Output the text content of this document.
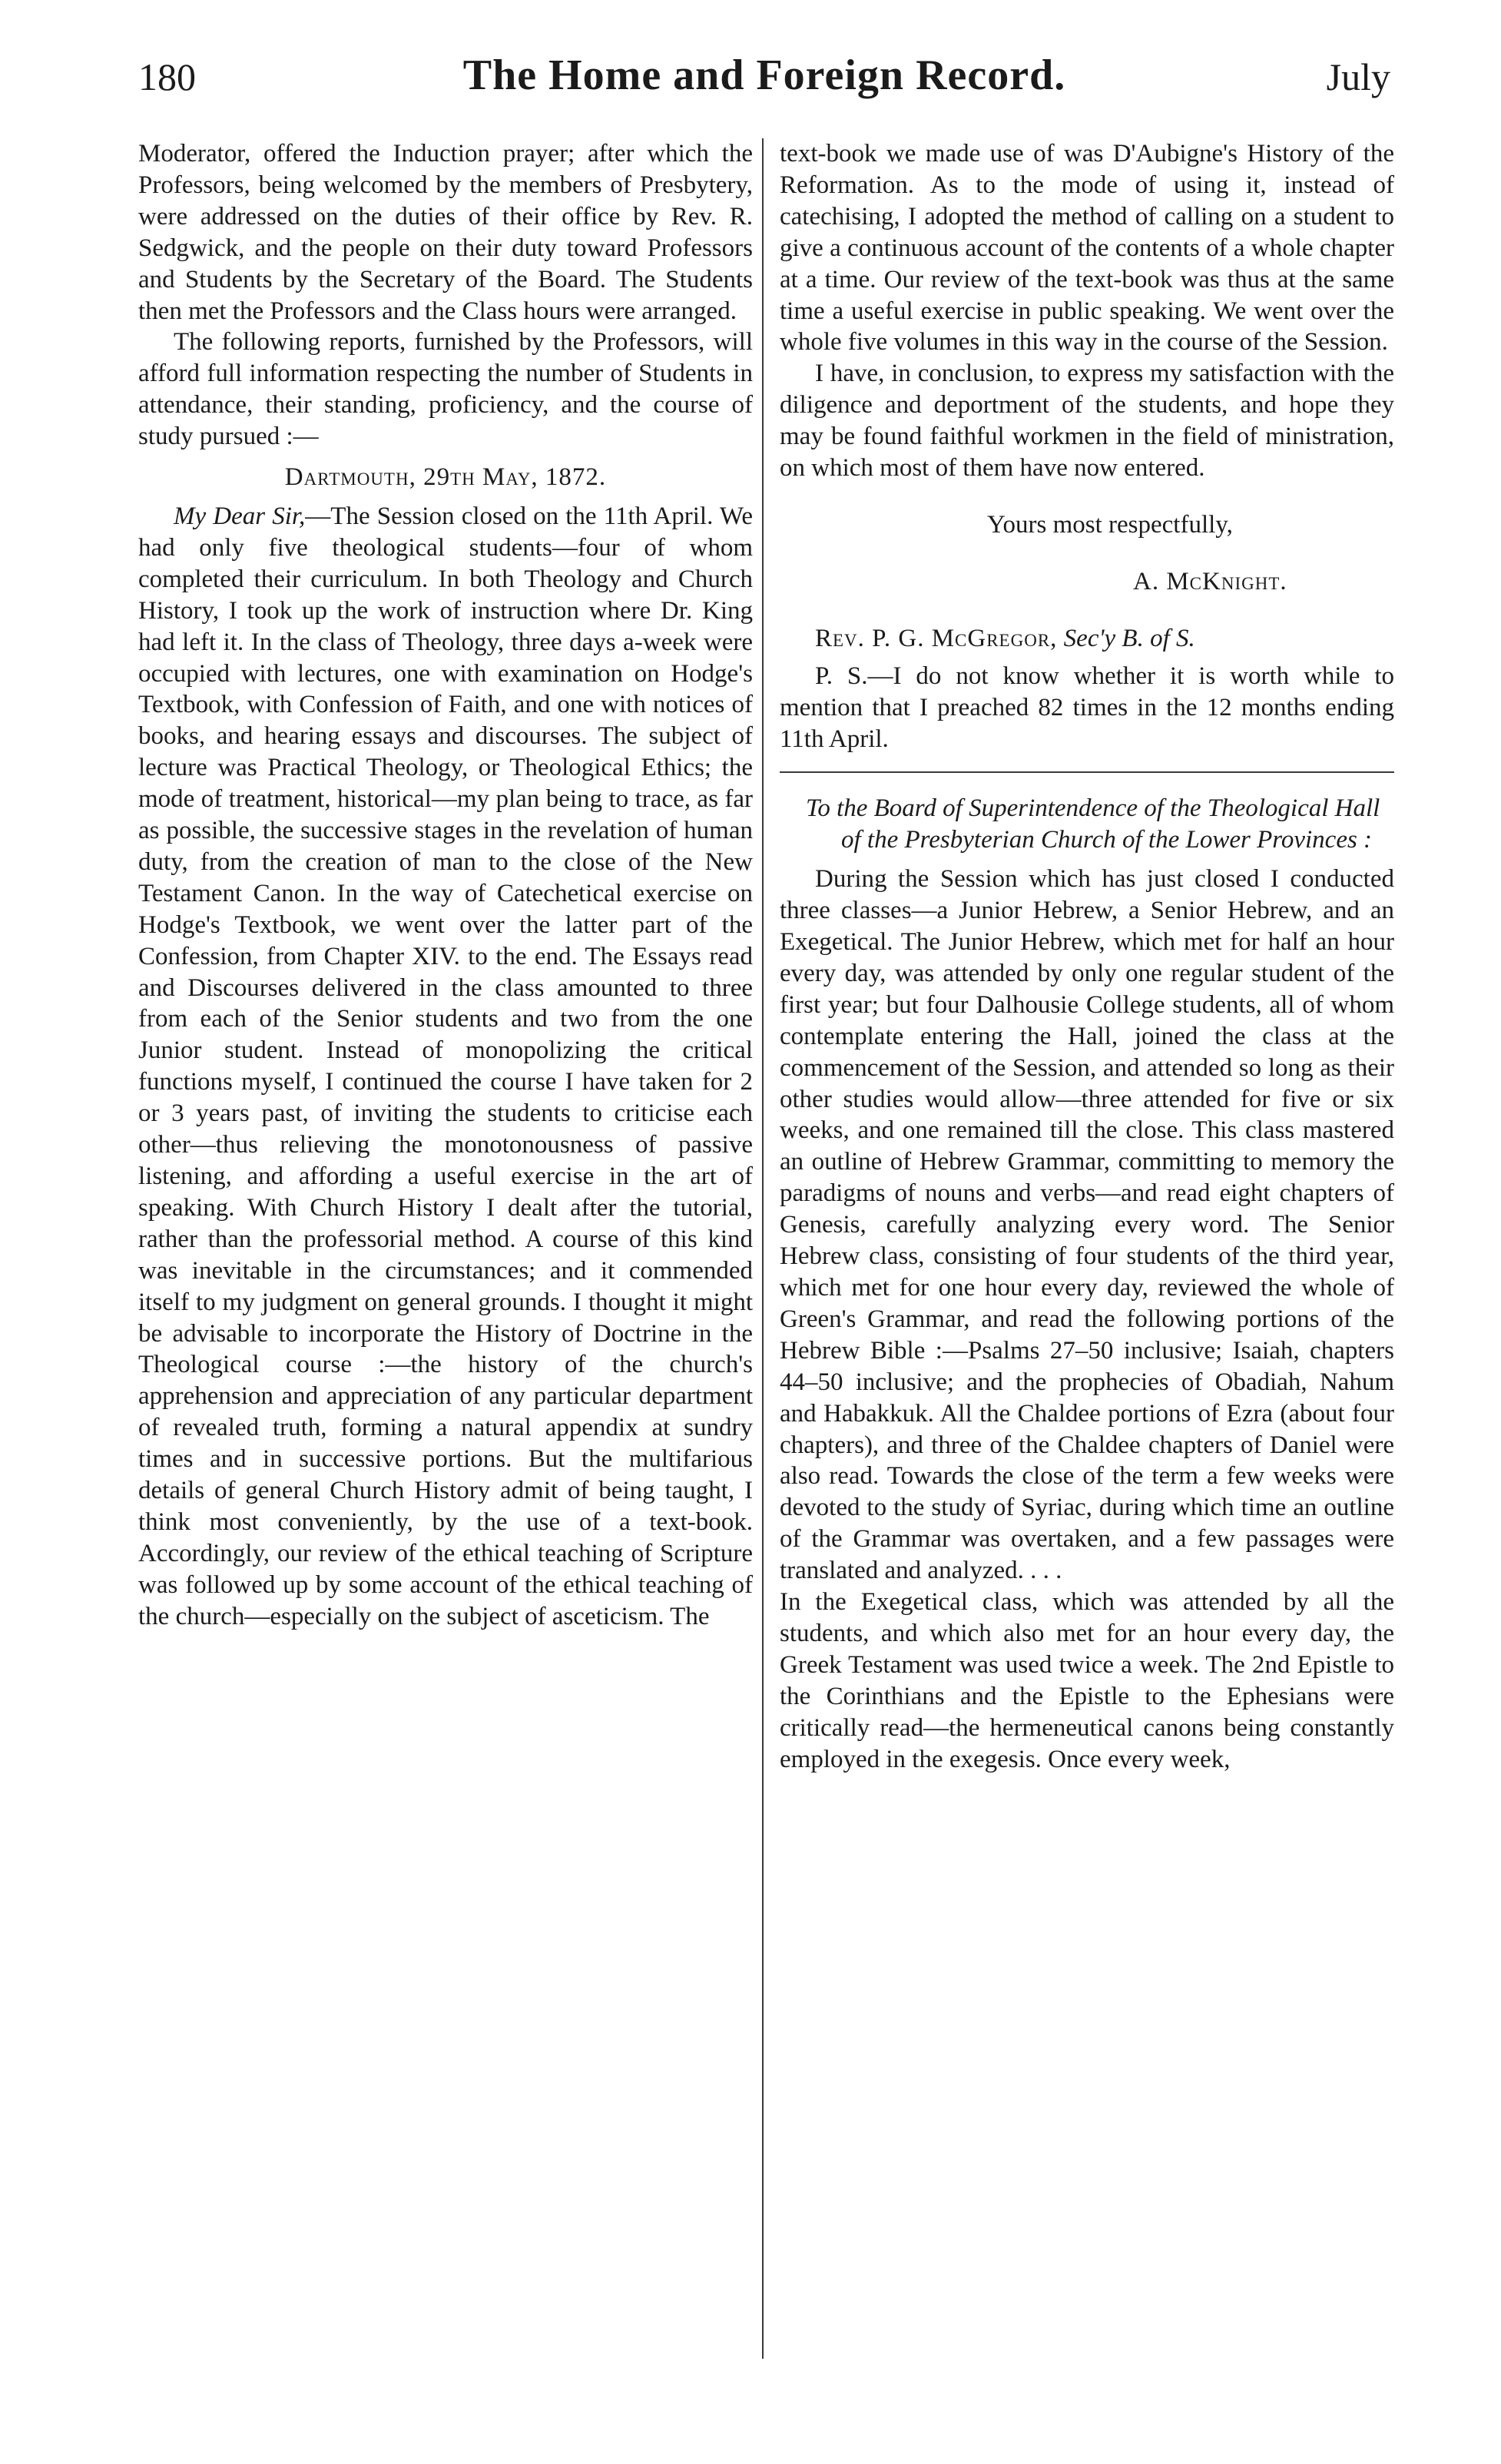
180	The Home and Foreign Record.	July

Moderator, offered the Induction prayer; after which the Professors, being welcomed by the members of Presbytery, were addressed on the duties of their office by Rev. R. Sedgwick, and the people on their duty toward Professors and Students by the Secretary of the Board. The Students then met the Professors and the Class hours were arranged.

The following reports, furnished by the Professors, will afford full information respecting the number of Students in attendance, their standing, proficiency, and the course of study pursued :—

Dartmouth, 29th May, 1872.

My Dear Sir,—The Session closed on the 11th April. We had only five theological students—four of whom completed their curriculum. In both Theology and Church History, I took up the work of instruction where Dr. King had left it. In the class of Theology, three days a-week were occupied with lectures, one with examination on Hodge's Textbook, with Confession of Faith, and one with notices of books, and hearing essays and discourses. The subject of lecture was Practical Theology, or Theological Ethics; the mode of treatment, historical—my plan being to trace, as far as possible, the successive stages in the revelation of human duty, from the creation of man to the close of the New Testament Canon. In the way of Catechetical exercise on Hodge's Textbook, we went over the latter part of the Confession, from Chapter XIV. to the end. The Essays read and Discourses delivered in the class amounted to three from each of the Senior students and two from the one Junior student. Instead of monopolizing the critical functions myself, I continued the course I have taken for 2 or 3 years past, of inviting the students to criticise each other—thus relieving the monotonousness of passive listening, and affording a useful exercise in the art of speaking. With Church History I dealt after the tutorial, rather than the professorial method. A course of this kind was inevitable in the circumstances; and it commended itself to my judgment on general grounds. I thought it might be advisable to incorporate the History of Doctrine in the Theological course :—the history of the church's apprehension and appreciation of any particular department of revealed truth, forming a natural appendix at sundry times and in successive portions. But the multifarious details of general Church History admit of being taught, I think most conveniently, by the use of a text-book. Accordingly, our review of the ethical teaching of Scripture was followed up by some account of the ethical teaching of the church—especially on the subject of asceticism. The

text-book we made use of was D'Aubigne's History of the Reformation. As to the mode of using it, instead of catechising, I adopted the method of calling on a student to give a continuous account of the contents of a whole chapter at a time. Our review of the text-book was thus at the same time a useful exercise in public speaking. We went over the whole five volumes in this way in the course of the Session.

I have, in conclusion, to express my satisfaction with the diligence and deportment of the students, and hope they may be found faithful workmen in the field of ministration, on which most of them have now entered.

Yours most respectfully,

A. McKnight.

Rev. P. G. McGregor, Sec'y B. of S.

P. S.—I do not know whether it is worth while to mention that I preached 82 times in the 12 months ending 11th April.

To the Board of Superintendence of the Theological Hall of the Presbyterian Church of the Lower Provinces :

During the Session which has just closed I conducted three classes—a Junior Hebrew, a Senior Hebrew, and an Exegetical. The Junior Hebrew, which met for half an hour every day, was attended by only one regular student of the first year; but four Dalhousie College students, all of whom contemplate entering the Hall, joined the class at the commencement of the Session, and attended so long as their other studies would allow—three attended for five or six weeks, and one remained till the close. This class mastered an outline of Hebrew Grammar, committing to memory the paradigms of nouns and verbs—and read eight chapters of Genesis, carefully analyzing every word. The Senior Hebrew class, consisting of four students of the third year, which met for one hour every day, reviewed the whole of Green's Grammar, and read the following portions of the Hebrew Bible :—Psalms 27–50 inclusive; Isaiah, chapters 44–50 inclusive; and the prophecies of Obadiah, Nahum and Habakkuk. All the Chaldee portions of Ezra (about four chapters), and three of the Chaldee chapters of Daniel were also read. Towards the close of the term a few weeks were devoted to the study of Syriac, during which time an outline of the Grammar was overtaken, and a few passages were translated and analyzed. . . .

In the Exegetical class, which was attended by all the students, and which also met for an hour every day, the Greek Testament was used twice a week. The 2nd Epistle to the Corinthians and the Epistle to the Ephesians were critically read—the hermeneutical canons being constantly employed in the exegesis. Once every week,
